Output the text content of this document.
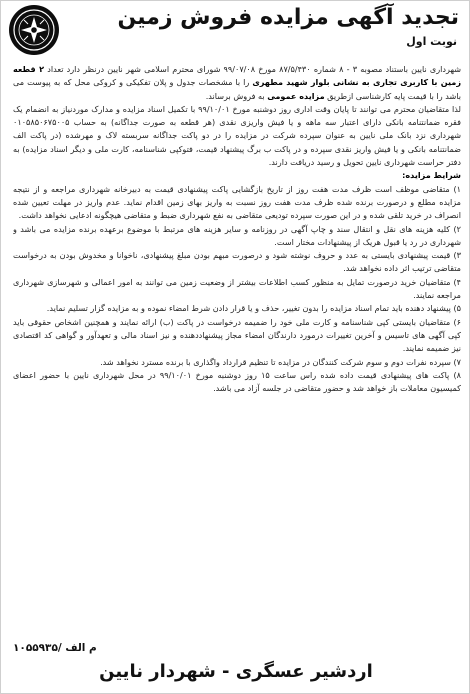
تجدید آگهی مزایده فروش زمین
نوبت اول

شهرداری نایین باستناد مصوبه ۳ - ۸ شماره ۸۷/۵/۴۳۰ مورخ ۹۹/۰۷/۰۸ شورای محترم اسلامی شهر نایین درنظر دارد تعداد ۲ قطعه زمین با کاربری تجاری به نشانی بلوار شهید مطهری را با مشخصات جدول و پلان تفکیکی و کروکی محل که به پیوست می باشد را با قیمت پایه کارشناسی ازطریق مزایده عمومی به فروش برساند.

لذا متقاضیان محترم می توانند تا پایان وقت اداری روز دوشنبه مورخ ۹۹/۱۰/۰۱ با تکمیل اسناد مزایده و مدارک موردنیاز به انضمام یک فقره ضمانتنامه بانکی دارای اعتبار سه ماهه و یا فیش واریزی نقدی (هر قطعه به صورت جداگانه) به حساب ۰۱۰۵۸۵۰۶۷۵۰۰۵ شهرداری نزد بانک ملی نایین به عنوان سپرده شرکت در مزایده را در دو پاکت جداگانه سربسته لاک و مهرشده (در پاکت الف ضمانتنامه بانکی و یا فیش واریز نقدی سپرده و در پاکت ب برگ پیشنهاد قیمت، فتوکپی شناسنامه، کارت ملی و دیگر اسناد مزایده) به دفتر حراست شهرداری نایین تحویل و رسید دریافت دارند.

شرایط مزایده:

۱) متقاضی موظف است ظرف مدت هفت روز از تاریخ بازگشایی پاکت پیشنهادی قیمت به دبیرخانه شهرداری مراجعه و از نتیجه مزایده مطلع و درصورت برنده شده ظرف مدت هفت روز نسبت به واریز بهای زمین اقدام نماید. عدم واریز در مهلت تعیین شده انصراف در خرید تلقی شده و در این صورت سپرده تودیعی متقاضی به نفع شهرداری ضبط و متقاضی هیچگونه ادعایی نخواهد داشت.

۲) کلیه هزینه های نقل و انتقال سند و چاپ آگهی در روزنامه و سایر هزینه های مرتبط با موضوع برعهده برنده مزایده می باشد و شهرداری در رد یا قبول هریک از پیشنهادات مختار است.

۳) قیمت پیشنهادی بایستی به عدد و حروف نوشته شود و درصورت مبهم بودن مبلغ پیشنهادی، ناخوانا و مخدوش بودن به درخواست متقاضی ترتیب اثر داده نخواهد شد.

۴) متقاضیان خرید درصورت تمایل به منظور کسب اطلاعات بیشتر از وضعیت زمین می توانند به امور اعمالی و شهرسازی شهرداری مراجعه نمایند.

۵) پیشنهاد دهنده باید تمام اسناد مزایده را بدون تغییر، حذف و یا قرار دادن شرط امضاء نموده و به مزایده گزار تسلیم نماید.

۶) متقاضیان بایستی کپی شناسنامه و کارت ملی خود را ضمیمه درخواست در پاکت (ب) ارائه نمایند و همچنین اشخاص حقوقی باید کپی آگهی های تاسیس و آخرین تغییرات درمورد دارندگان امضاء مجاز پیشنهاددهنده و نیز اسناد مالی و تعهدآور و گواهی کد اقتصادی نیز ضمیمه نمایند.

۷) سپرده نفرات دوم و سوم شرکت کنندگان در مزایده تا تنظیم قرارداد واگذاری با برنده مسترد نخواهد شد.

۸) پاکت های پیشنهادی قیمت داده شده راس ساعت ۱۵ روز دوشنبه مورخ ۹۹/۱۰/۰۱ در محل شهرداری نایین با حضور اعضای کمیسیون معاملات باز خواهد شد و حضور متقاضی در جلسه آزاد می باشد.

۱۰۵۵۹۳۵/ م الف
اردشیر عسگری - شهردار نایین
